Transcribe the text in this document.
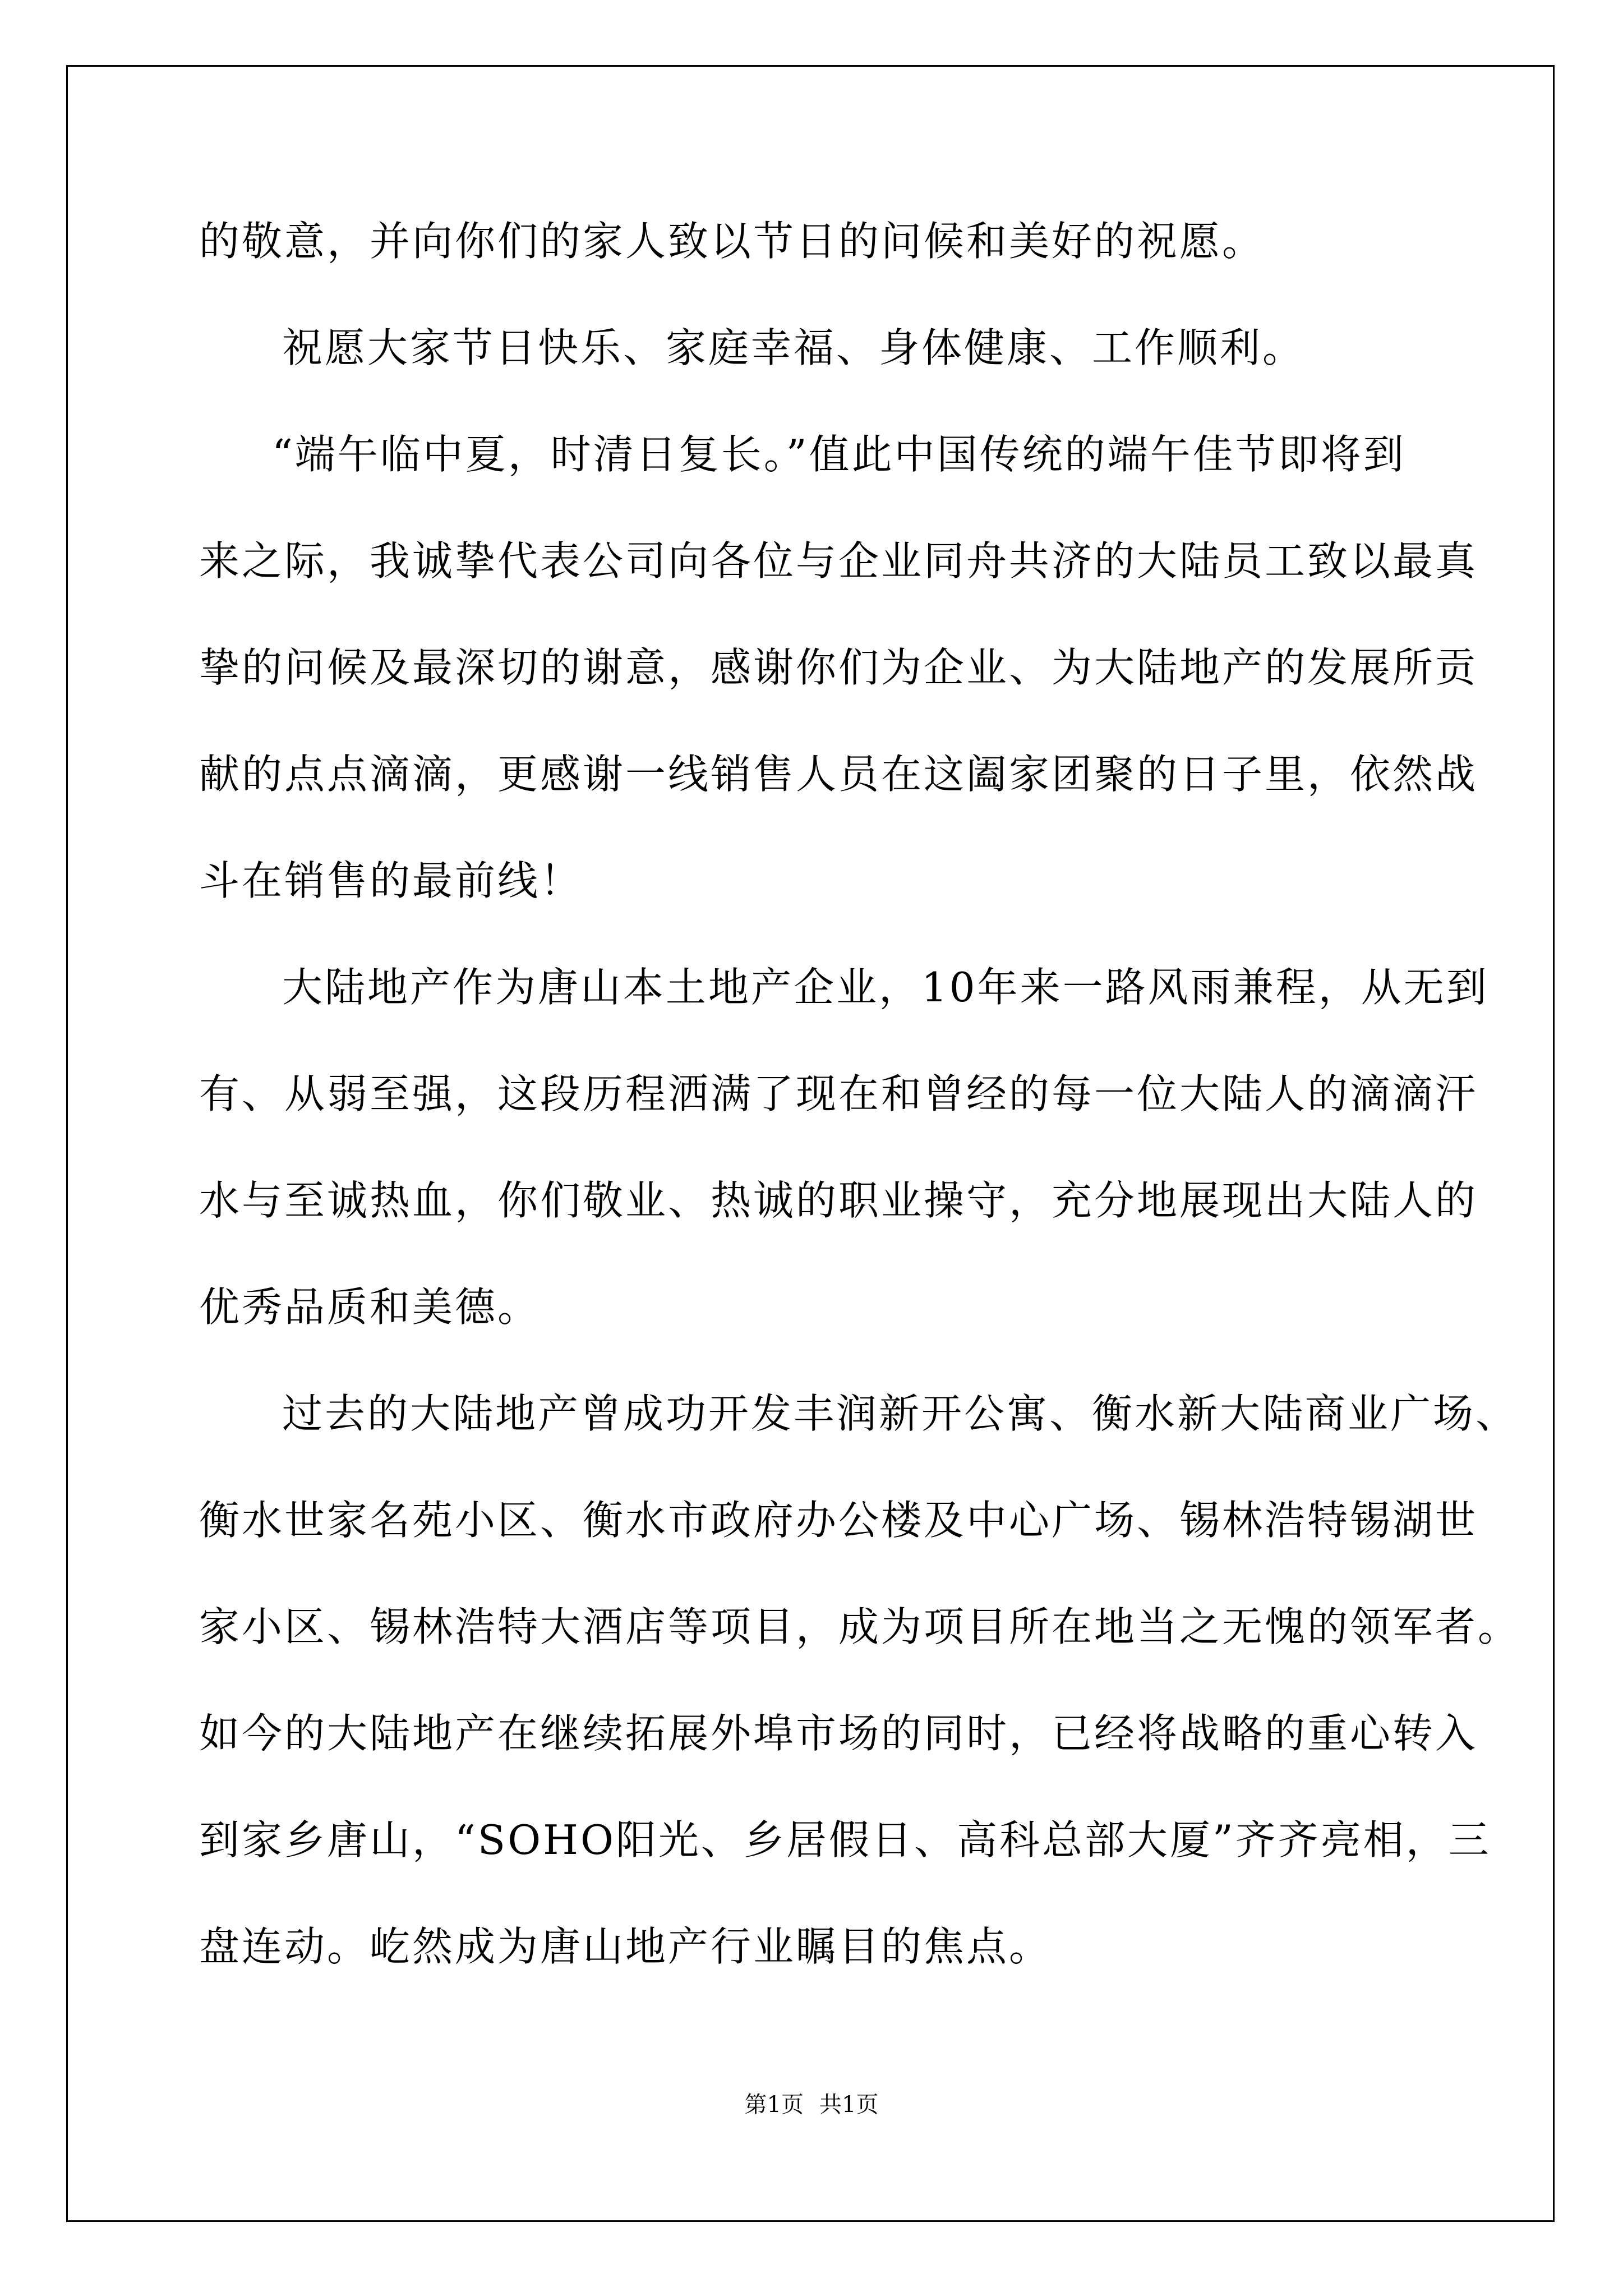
的敬意，并向你们的家人致以节日的问候和美好的祝愿。
祝愿大家节日快乐、家庭幸福、身体健康、工作顺利。
“端午临中夏，时清日复长。”值此中国传统的端午佳节即将到
来之际，我诚挚代表公司向各位与企业同舟共济的大陆员工致以最真
挚的问候及最深切的谢意，感谢你们为企业、为大陆地产的发展所贡
献的点点滴滴，更感谢一线销售人员在这阖家团聚的日子里，依然战
斗在销售的最前线！
大陆地产作为唐山本土地产企业，10年来一路风雨兼程，从无到
有、从弱至强，这段历程洒满了现在和曾经的每一位大陆人的滴滴汗
水与至诚热血，你们敬业、热诚的职业操守，充分地展现出大陆人的
优秀品质和美德。
过去的大陆地产曾成功开发丰润新开公寓、衡水新大陆商业广场、
衡水世家名苑小区、衡水市政府办公楼及中心广场、锡林浩特锡湖世
家小区、锡林浩特大酒店等项目，成为项目所在地当之无愧的领军者。
如今的大陆地产在继续拓展外埠市场的同时，已经将战略的重心转入
到家乡唐山，“SOHO阳光、乡居假日、高科总部大厦”齐齐亮相，三
盘连动。屹然成为唐山地产行业瞩目的焦点。
第1页 共1页
